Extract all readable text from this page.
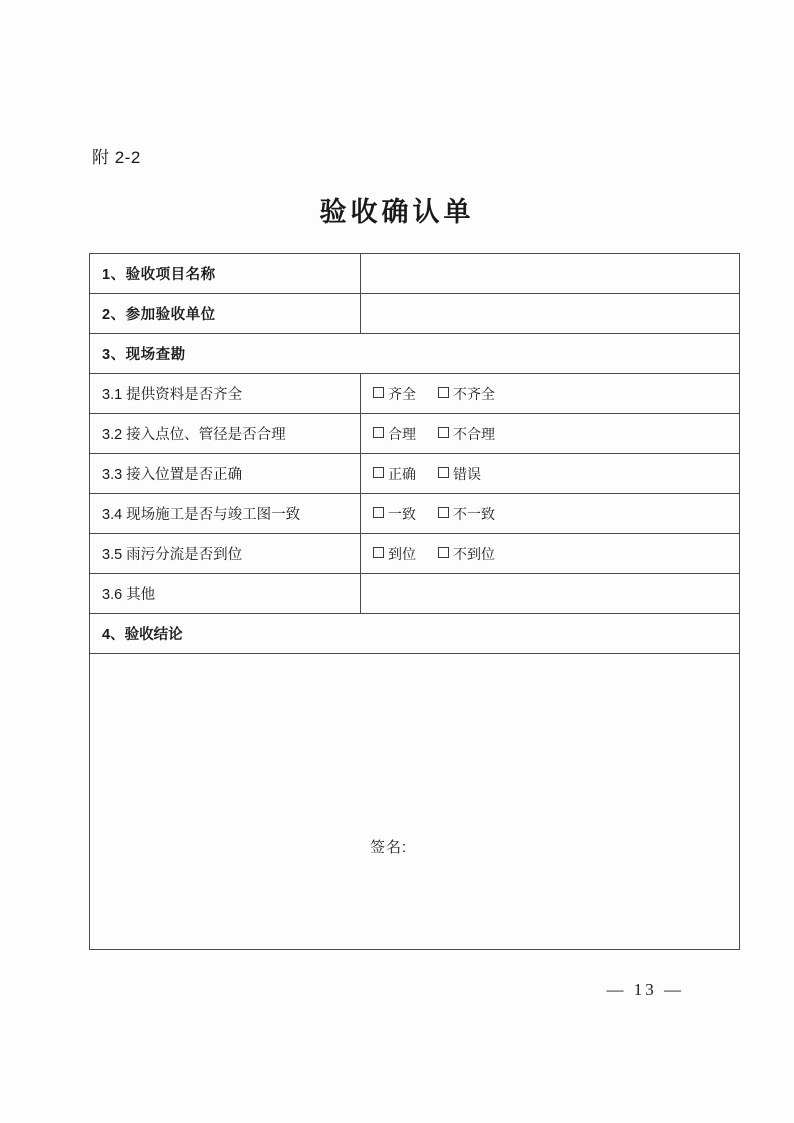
附 2-2
验收确认单
1、验收项目名称	
2、参加验收单位	
3、现场查勘	
3.1 提供资料是否齐全	齐全 不齐全
3.2 接入点位、管径是否合理	合理 不合理
3.3 接入位置是否正确	正确 错误
3.4 现场施工是否与竣工图一致	一致 不一致
3.5 雨污分流是否到位	到位 不到位
3.6 其他	
4、验收结论	

签名:	
— 13 —
